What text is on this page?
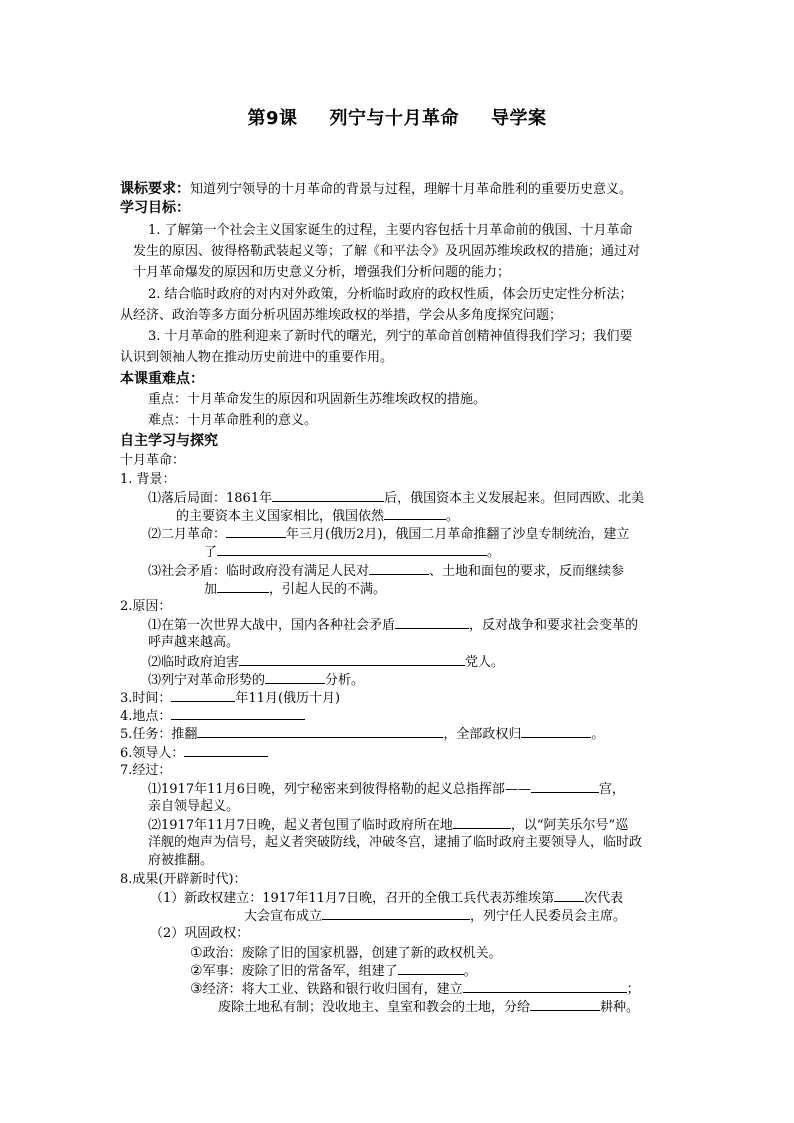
第9课 列宁与十月革命 导学案
课标要求：知道列宁领导的十月革命的背景与过程，理解十月革命胜利的重要历史意义。
学习目标：
1. 了解第一个社会主义国家诞生的过程，主要内容包括十月革命前的俄国、十月革命
发生的原因、彼得格勒武装起义等；了解《和平法令》及巩固苏维埃政权的措施；通过对
十月革命爆发的原因和历史意义分析，增强我们分析问题的能力；
2. 结合临时政府的对内对外政策，分析临时政府的政权性质，体会历史定性分析法；
从经济、政治等多方面分析巩固苏维埃政权的举措，学会从多角度探究问题；
3. 十月革命的胜利迎来了新时代的曙光，列宁的革命首创精神值得我们学习；我们要
认识到领袖人物在推动历史前进中的重要作用。
本课重难点：
重点：十月革命发生的原因和巩固新生苏维埃政权的措施。
难点：十月革命胜利的意义。
自主学习与探究
十月革命：
1. 背景：
⑴落后局面：1861年	后，俄国资本主义发展起来。但同西欧、北美
的主要资本主义国家相比，俄国依然	。
⑵二月革命：	年三月(俄历2月)，俄国二月革命推翻了沙皇专制统治，建立
了	。
⑶社会矛盾：临时政府没有满足人民对	、土地和面包的要求，反而继续参
加	，引起人民的不满。
2.原因：
⑴在第一次世界大战中，国内各种社会矛盾	，反对战争和要求社会变革的
呼声越来越高。
⑵临时政府迫害	党人。
⑶列宁对革命形势的	分析。
3.时间：	年11月(俄历十月)
4.地点：
5.任务：推翻	，全部政权归	。
6.领导人：
7.经过：
⑴1917年11月6日晚，列宁秘密来到彼得格勒的起义总指挥部——	宫，
亲自领导起义。
⑵1917年11月7日晚，起义者包围了临时政府所在地	，以“阿芙乐尔号”巡
洋舰的炮声为信号，起义者突破防线，冲破冬宫，逮捕了临时政府主要领导人，临时政
府被推翻。
8.成果(开辟新时代)：
（1）新政权建立：1917年11月7日晚，召开的全俄工兵代表苏维埃第 次代表
大会宣布成立	，列宁任人民委员会主席。
（2）巩固政权：
①政治：废除了旧的国家机器，创建了新的政权机关。
②军事：废除了旧的常备军，组建了	。
③经济：将大工业、铁路和银行收归国有，建立	；
废除土地私有制；没收地主、皇室和教会的土地，分给	耕种。
